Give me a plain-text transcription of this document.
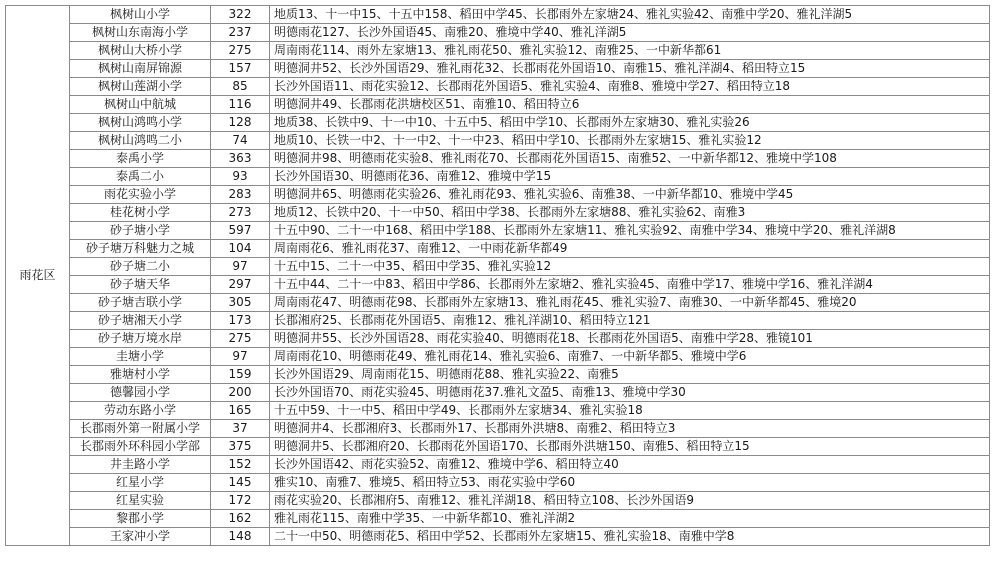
雨花区	枫树山小学	322	地质13、十一中15、十五中158、稻田中学45、长郡雨外左家塘24、雅礼实验42、南雅中学20、雅礼洋湖5
	枫树山东南海小学	237	明德雨花127、长沙外国语45、南雅20、雅境中学40、雅礼洋湖5
	枫树山大桥小学	275	周南雨花114、雨外左家塘13、雅礼雨花50、雅礼实验12、南雅25、一中新华都61
	枫树山南屏锦源	157	明德洞井52、长沙外国语29、雅礼雨花32、长郡雨花外国语10、南雅15、雅礼洋湖4、稻田特立15
	枫树山莲湖小学	85	长沙外国语11、雨花实验12、长郡雨花外国语5、雅礼实验4、南雅8、雅境中学27、稻田特立18
	枫树山中航城	116	明德洞井49、长郡雨花洪塘校区51、南雅10、稻田特立6
	枫树山鸿鸣小学	128	地质38、长铁中9、十一中10、十五中5、稻田中学10、长郡雨外左家塘30、雅礼实验26
	枫树山鸿鸣二小	74	地质10、长铁一中2、十一中2、十一中23、稻田中学10、长郡雨外左家塘15、雅礼实验12
	泰禹小学	363	明德洞井98、明德雨花实验8、雅礼雨花70、长郡雨花外国语15、南雅52、一中新华都12、雅境中学108
	泰禹二小	93	长沙外国语30、明德雨花36、南雅12、雅境中学15
	雨花实验小学	283	明德洞井65、明德雨花实验26、雅礼雨花93、雅礼实验6、南雅38、一中新华都10、雅境中学45
	桂花树小学	273	地质12、长铁中20、十一中50、稻田中学38、长郡雨外左家塘88、雅礼实验62、南雅3
	砂子塘小学	597	十五中90、二十一中168、稻田中学188、长郡雨外左家塘11、雅礼实验92、南雅中学34、雅境中学20、雅礼洋湖8
	砂子塘万科魅力之城	104	周南雨花6、雅礼雨花37、南雅12、一中雨花新华都49
	砂子塘二小	97	十五中15、二十一中35、稻田中学35、雅礼实验12
	砂子塘天华	297	十五中44、二十一中83、稻田中学86、长郡雨外左家塘2、雅礼实验45、南雅中学17、雅境中学16、雅礼洋湖4
	砂子塘吉联小学	305	周南雨花47、明德雨花98、长郡雨外左家塘13、雅礼雨花45、雅礼实验7、南雅30、一中新华都45、雅境20
	砂子塘湘天小学	173	长郡湘府25、长郡雨花外国语5、南雅12、雅礼洋湖10、稻田特立121
	砂子塘万境水岸	275	明德洞井55、长沙外国语28、雨花实验40、明德雨花18、长郡雨花外国语5、南雅中学28、雅镜101
	圭塘小学	97	周南雨花10、明德雨花49、雅礼雨花14、雅礼实验6、南雅7、一中新华都5、雅境中学6
	雅塘村小学	159	长沙外国语29、周南雨花15、明德雨花88、雅礼实验22、南雅5
	德馨园小学	200	长沙外国语70、雨花实验45、明德雨花37.雅礼文盈5、南雅13、雅境中学30
	劳动东路小学	165	十五中59、十一中5、稻田中学49、长郡雨外左家塘34、雅礼实验18
	长郡雨外第一附属小学	37	明德洞井4、长郡湘府3、长郡雨外17、长郡雨外洪塘8、南雅2、稻田特立3
	长郡雨外环科园小学部	375	明德洞井5、长郡湘府20、长郡雨花外国语170、长郡雨外洪塘150、南雅5、稻田特立15
	井圭路小学	152	长沙外国语42、雨花实验52、南雅12、雅境中学6、稻田特立40
	红星小学	145	雅实10、南雅7、雅境5、稻田特立53、雨花实验中学60
	红星实验	172	雨花实验20、长郡湘府5、南雅12、雅礼洋湖18、稻田特立108、长沙外国语9
	黎郡小学	162	雅礼雨花115、南雅中学35、一中新华都10、雅礼洋湖2
	王家冲小学	148	二十一中50、明德雨花5、稻田中学52、长郡雨外左家塘15、雅礼实验18、南雅中学8
